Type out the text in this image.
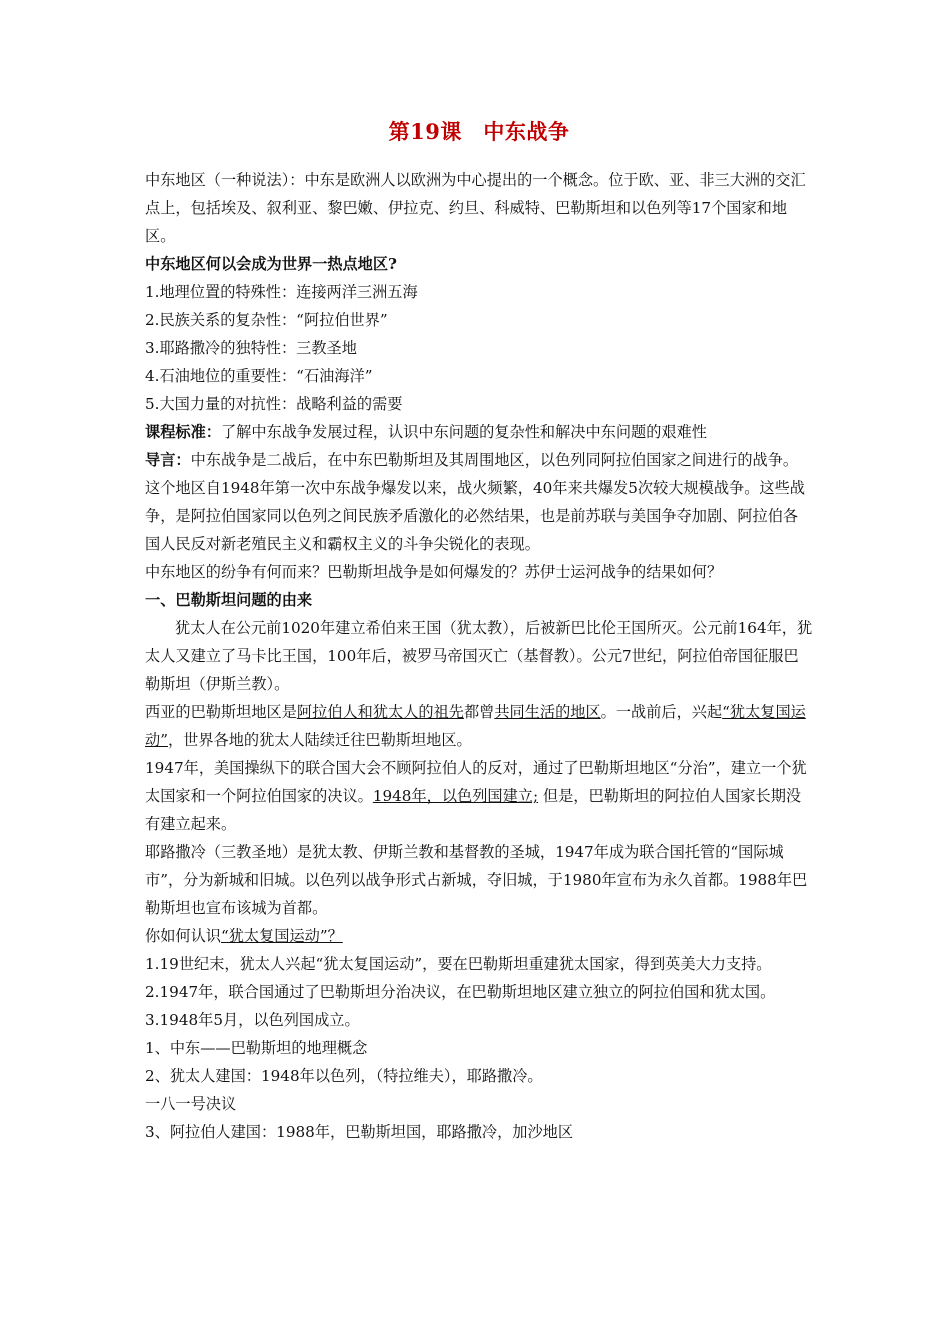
第19课　中东战争

中东地区（一种说法）：中东是欧洲人以欧洲为中心提出的一个概念。位于欧、亚、非三大洲的交汇点上，包括埃及、叙利亚、黎巴嫩、伊拉克、约旦、科威特、巴勒斯坦和以色列等17个国家和地区。

中东地区何以会成为世界一热点地区?

1.地理位置的特殊性：连接两洋三洲五海

2.民族关系的复杂性：“阿拉伯世界”

3.耶路撒冷的独特性：三教圣地

4.石油地位的重要性：“石油海洋”

5.大国力量的对抗性：战略利益的需要

课程标准：了解中东战争发展过程，认识中东问题的复杂性和解决中东问题的艰难性

导言：中东战争是二战后，在中东巴勒斯坦及其周围地区，以色列同阿拉伯国家之间进行的战争。这个地区自1948年第一次中东战争爆发以来，战火频繁，40年来共爆发5次较大规模战争。这些战争，是阿拉伯国家同以色列之间民族矛盾激化的必然结果，也是前苏联与美国争夺加剧、阿拉伯各国人民反对新老殖民主义和霸权主义的斗争尖锐化的表现。

中东地区的纷争有何而来？巴勒斯坦战争是如何爆发的？苏伊士运河战争的结果如何？

一、巴勒斯坦问题的由来

犹太人在公元前1020年建立希伯来王国（犹太教），后被新巴比伦王国所灭。公元前164年，犹太人又建立了马卡比王国，100年后，被罗马帝国灭亡（基督教）。公元7世纪，阿拉伯帝国征服巴勒斯坦（伊斯兰教）。

西亚的巴勒斯坦地区是阿拉伯人和犹太人的祖先都曾共同生活的地区。一战前后，兴起“犹太复国运动”，世界各地的犹太人陆续迁往巴勒斯坦地区。

1947年，美国操纵下的联合国大会不顾阿拉伯人的反对，通过了巴勒斯坦地区“分治”，建立一个犹太国家和一个阿拉伯国家的决议。1948年，以色列国建立; 但是，巴勒斯坦的阿拉伯人国家长期没有建立起来。

耶路撒冷（三教圣地）是犹太教、伊斯兰教和基督教的圣城，1947年成为联合国托管的“国际城市”，分为新城和旧城。以色列以战争形式占新城，夺旧城，于1980年宣布为永久首都。1988年巴勒斯坦也宣布该城为首都。

你如何认识“犹太复国运动”？

1.19世纪末，犹太人兴起“犹太复国运动”，要在巴勒斯坦重建犹太国家，得到英美大力支持。

2.1947年，联合国通过了巴勒斯坦分治决议，在巴勒斯坦地区建立独立的阿拉伯国和犹太国。

3.1948年5月，以色列国成立。

1、中东——巴勒斯坦的地理概念

2、犹太人建国：1948年以色列，（特拉维夫），耶路撒冷。

一八一号决议

3、阿拉伯人建国：1988年，巴勒斯坦国，耶路撒冷，加沙地区
